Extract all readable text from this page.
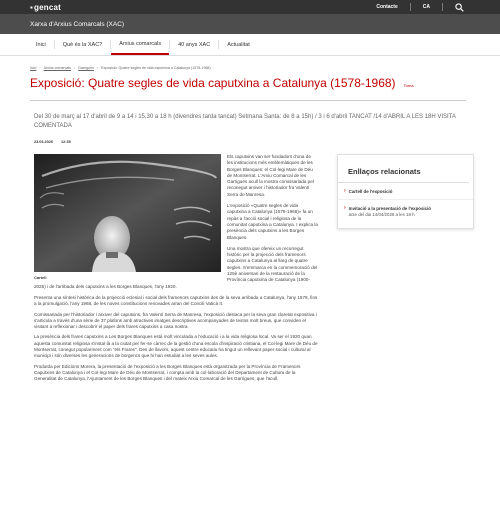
▪ gencat	Contacte	CA
Xarxa d'Arxius Comarcals (XAC)
Inici	Què és la XAC?	Arxius comarcals	40 anys XAC	Actualitat
Inici › Arxius comarcals › Garrigues › Exposició: Quatre segles de vida caputxina a Catalunya (1578-1968)
Exposició: Quatre segles de vida caputxina a Catalunya (1578-1968) Torna

Del 30 de març al 17 d'abril de 9 a 14 i 15,30 a 18 h (divendres tarda tancat) Setmana Santa: de 8 a 15h) / 3 i 6 d'abril TANCAT /14 d'ABRIL A LES 18H VISITA COMENTADA

23.03.2026 12:35
Cartell

Els caputxins van ser fundadors d'una de les institucions més emblemàtiques de les Borges Blanques: el Col·legi Mare de Déu de Montserrat. L'Arxiu Comarcal de les Garrigues acull la mostra comissariada pel reconegut arxiver i historiador fra Valentí Serra de Manresa.

L'exposició «Quatre segles de vida caputxina a Catalunya (1578-1968)» fa un repàs a l'acció social i religiosa de la comunitat caputxina a Catalunya. I explica la presència dels caputxins a les Borges Blanques.

Una mostra que ofereix un recorregut històric per la projecció dels framenors caputxins a Catalunya al llarg de quatre segles. S'emmarca en la commemoració del 125è aniversari de la restauració de la Província caputxina de Catalunya (1900-2025) i de l'arribada dels caputxins a les Borges Blanques, l'any 1920.

Presenta una síntesi històrica de la projecció eclesial i social dels framenors caputxins des de la seva arribada a Catalunya, l'any 1578, fins a la promulgació, l'any 1968, de les noves constitucions renovades arran del Concili Vaticà II.

Comissariada per l'historiador i arxiver del caputxins, fra Valentí Serra de Manresa, l'exposició destaca per la seva gran claretat expositiva i s'articula a través d'una sèrie de 37 plafons amb atractives imatges descriptives acompanyades de textos molt breus, que conviden el visitant a reflexionar i descobrir el paper dels frares caputxins a casa nostra.

La presència dels frares caputxins a Les Borges Blanques està molt vinculada a l'educació i a la vida religiosa local. Va ser el 1920 quan aquesta comunitat religiosa s'instal·là a la ciutat per fer-se càrrec de la gestió d'una escola d'inspiració cristiana, el Col·legi Mare de Déu de Montserrat, conegut popularment com "els Frares". Des de llavors, aquest centre educatiu ha tingut un rellevant paper social i cultural al municipi i són diverses les generacions de borgencs que hi han estudiat a les seves aules.

Produïda per Edicions Morera, la presentació de l'exposició a les Borges Blanques està organitzada per la Província de Framenors Caputxins de Catalunya i el Col·legi Mare de Déu de Montserrat, i compta amb la col·laboració del Departament de Cultura de la Generalitat de Catalunya, l'Ajuntament de les Borges Blanques i del mateix Arxiu Comarcal de les Garrigues, que l'acull.

Enllaços relacionats
› Cartell de l'exposició
› Invitació a la presentació de l'exposició
acte del dia 14/04/2026 a les 18 h
